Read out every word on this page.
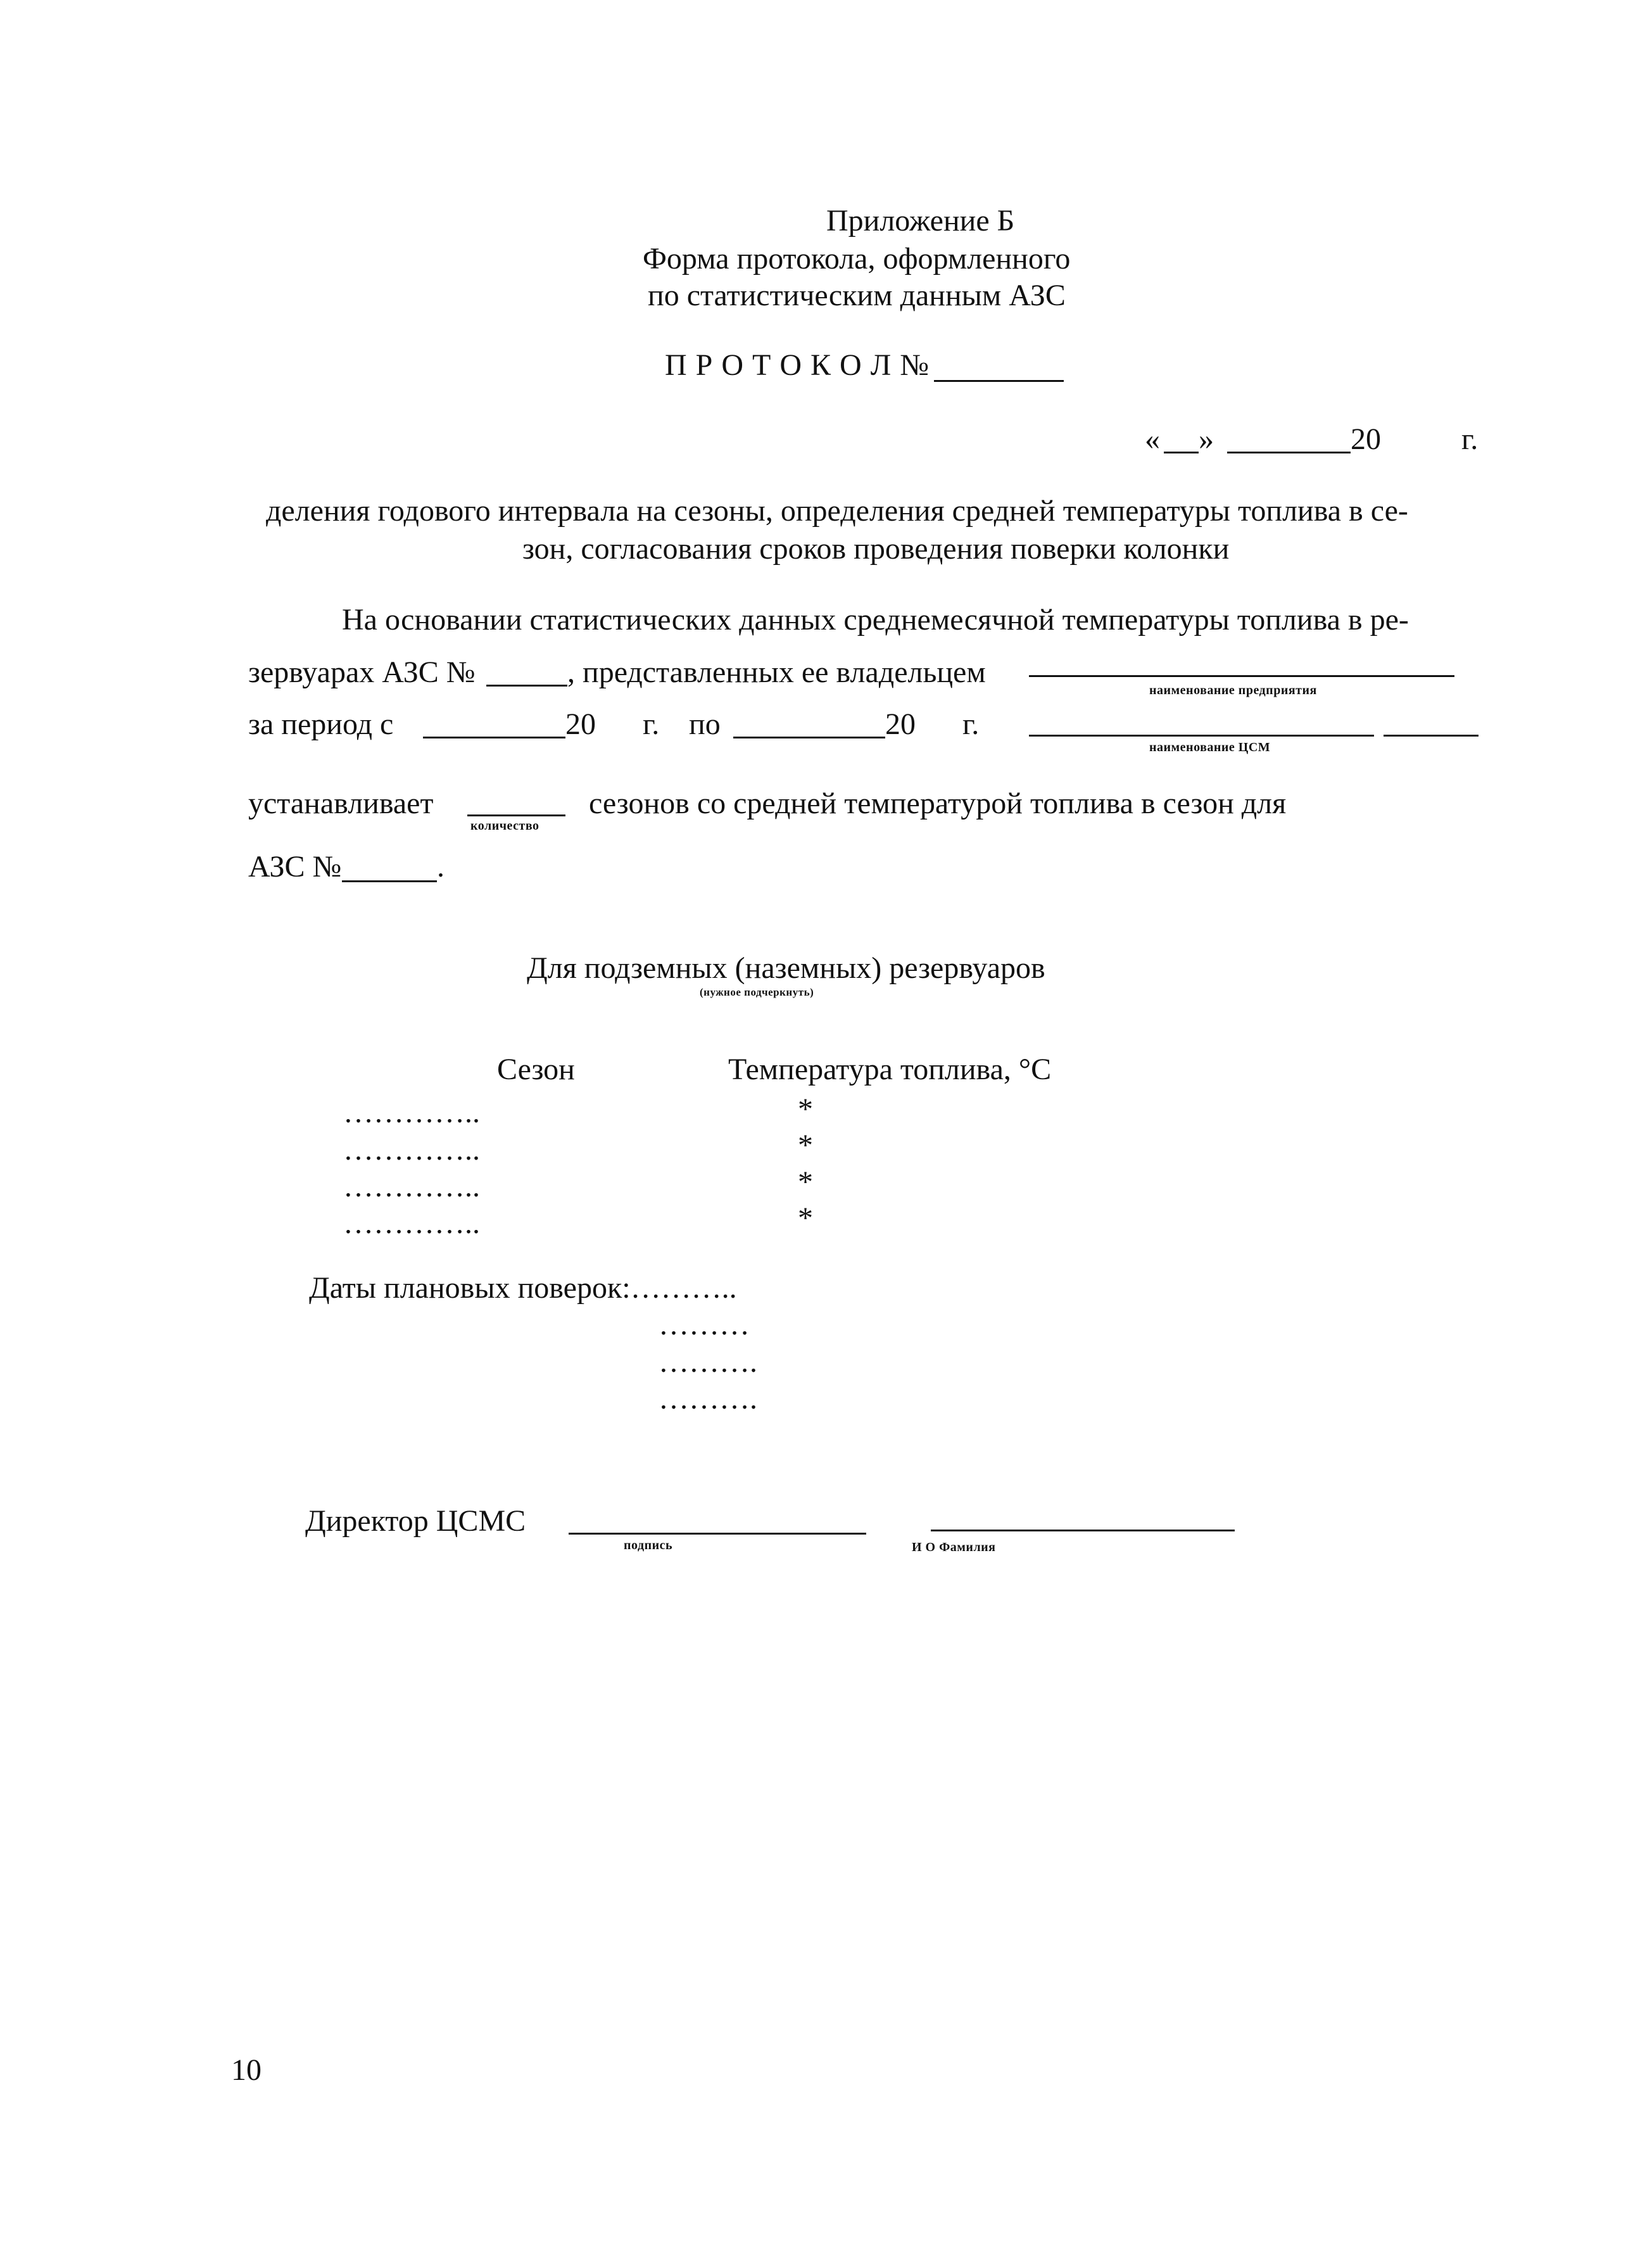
Приложение Б
Форма протокола, оформленного
по статистическим данным АЗС
П Р О Т О К О Л №
« »	20	г.
деления годового интервала на сезоны, определения средней температуры топлива в се-
зон, согласования сроков проведения поверки колонки
На основании статистических данных среднемесячной температуры топлива в ре-
зервуарах АЗС №	, представленных ее владельцем
наименование предприятия
за период с	20 г. по	20 г.
наименование ЦСМ
устанавливает
количество
сезонов со средней температурой топлива в сезон для
АЗС №	.
Для подземных (наземных) резервуаров
(нужное подчеркнуть)
Сезон	Температура топлива, °С
…………..	*
…………..	*
…………..	*
…………..	*
Даты плановых поверок:………..
………
……….
……….
Директор ЦСМС
подпись	И О Фамилия
10
